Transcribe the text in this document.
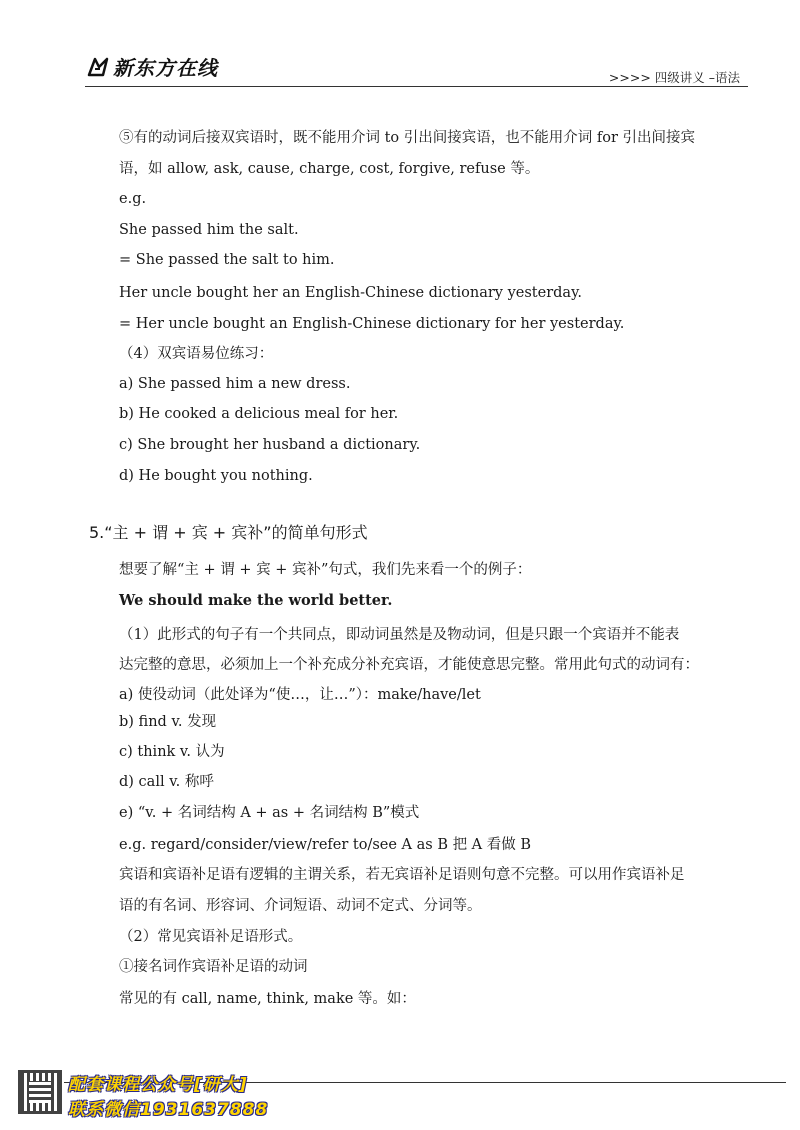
新东方在线	>>>> 四级讲义 –语法
⑤有的动词后接双宾语时，既不能用介词 to 引出间接宾语，也不能用介词 for 引出间接宾
语，如 allow, ask, cause, charge, cost, forgive, refuse 等。
e.g.
She passed him the salt.
= She passed the salt to him.
Her uncle bought her an English-Chinese dictionary yesterday.
= Her uncle bought an English-Chinese dictionary for her yesterday.
（4）双宾语易位练习：
a) She passed him a new dress.
b) He cooked a delicious meal for her.
c) She brought her husband a dictionary.
d) He bought you nothing.
5.“主 + 谓 + 宾 + 宾补”的简单句形式
想要了解“主 + 谓 + 宾 + 宾补”句式，我们先来看一个的例子：
We should make the world better.
（1）此形式的句子有一个共同点，即动词虽然是及物动词，但是只跟一个宾语并不能表
达完整的意思，必须加上一个补充成分补充宾语，才能使意思完整。常用此句式的动词有：
a) 使役动词（此处译为“使…，让…”）：make/have/let
b) find v. 发现
c) think v. 认为
d) call v. 称呼
e) “v. + 名词结构 A + as + 名词结构 B”模式
e.g. regard/consider/view/refer to/see A as B 把 A 看做 B
宾语和宾语补足语有逻辑的主谓关系，若无宾语补足语则句意不完整。可以用作宾语补足
语的有名词、形容词、介词短语、动词不定式、分词等。
（2）常见宾语补足语形式。
①接名词作宾语补足语的动词
常见的有 call, name, think, make 等。如：
配套课程公众号[研大]
联系微信1931637888
